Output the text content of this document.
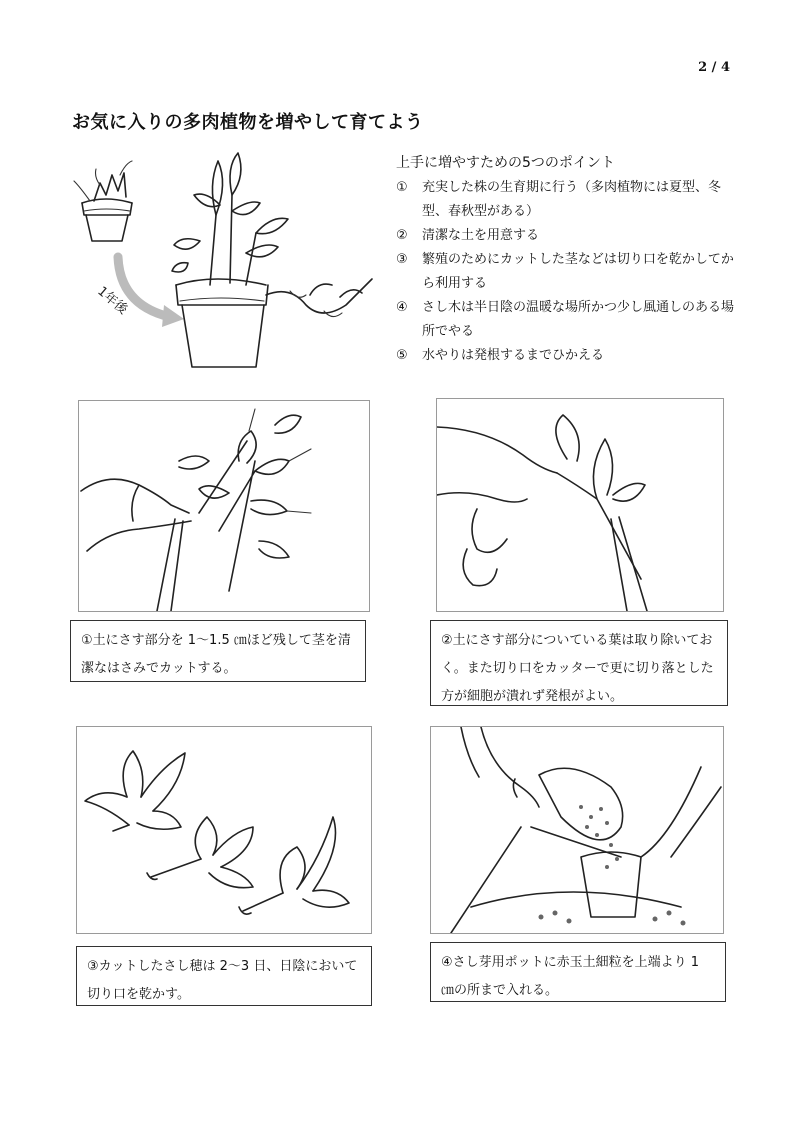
2 / 4
お気に入りの多肉植物を増やして育てよう
1年後
上手に増やすための5つのポイント
①	充実した株の生育期に行う（多肉植物には夏型、冬型、春秋型がある）
②	清潔な土を用意する
③	繁殖のためにカットした茎などは切り口を乾かしてから利用する
④	さし木は半日陰の温暖な場所かつ少し風通しのある場所でやる
⑤	水やりは発根するまでひかえる
①土にさす部分を 1～1.5 ㎝ほど残して茎を清潔なはさみでカットする。
②土にさす部分についている葉は取り除いておく。また切り口をカッターで更に切り落とした方が細胞が潰れず発根がよい。
③カットしたさし穂は 2～3 日、日陰において切り口を乾かす。
④さし芽用ポットに赤玉土細粒を上端より 1 ㎝の所まで入れる。
